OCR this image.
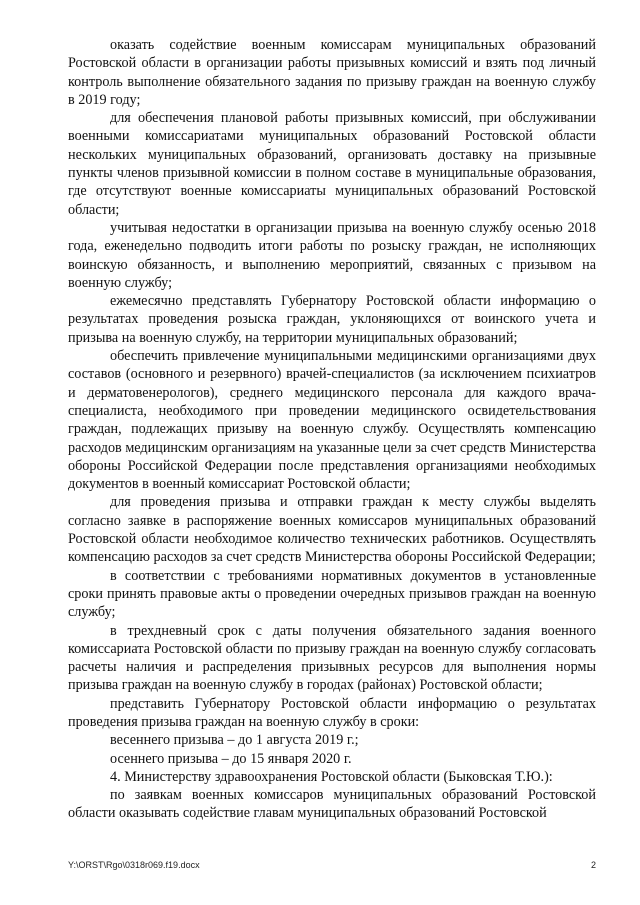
оказать содействие военным комиссарам муниципальных образований Ростовской области в организации работы призывных комиссий и взять под личный контроль выполнение обязательного задания по призыву граждан на военную службу в 2019 году;

для обеспечения плановой работы призывных комиссий, при обслуживании военными комиссариатами муниципальных образований Ростовской области нескольких муниципальных образований, организовать доставку на призывные пункты членов призывной комиссии в полном составе в муниципальные образования, где отсутствуют военные комиссариаты муниципальных образований Ростовской области;

учитывая недостатки в организации призыва на военную службу осенью 2018 года, еженедельно подводить итоги работы по розыску граждан, не исполняющих воинскую обязанность, и выполнению мероприятий, связанных с призывом на военную службу;

ежемесячно представлять Губернатору Ростовской области информацию о результатах проведения розыска граждан, уклоняющихся от воинского учета и призыва на военную службу, на территории муниципальных образований;

обеспечить привлечение муниципальными медицинскими организациями двух составов (основного и резервного) врачей-специалистов (за исключением психиатров и дерматовенерологов), среднего медицинского персонала для каждого врача-специалиста, необходимого при проведении медицинского освидетельствования граждан, подлежащих призыву на военную службу. Осуществлять компенсацию расходов медицинским организациям на указанные цели за счет средств Министерства обороны Российской Федерации после представления организациями необходимых документов в военный комиссариат Ростовской области;

для проведения призыва и отправки граждан к месту службы выделять согласно заявке в распоряжение военных комиссаров муниципальных образований Ростовской области необходимое количество технических работников. Осуществлять компенсацию расходов за счет средств Министерства обороны Российской Федерации;

в соответствии с требованиями нормативных документов в установленные сроки принять правовые акты о проведении очередных призывов граждан на военную службу;

в трехдневный срок с даты получения обязательного задания военного комиссариата Ростовской области по призыву граждан на военную службу согласовать расчеты наличия и распределения призывных ресурсов для выполнения нормы призыва граждан на военную службу в городах (районах) Ростовской области;

представить Губернатору Ростовской области информацию о результатах проведения призыва граждан на военную службу в сроки:

весеннего призыва – до 1 августа 2019 г.;

осеннего призыва – до 15 января 2020 г.

4. Министерству здравоохранения Ростовской области (Быковская Т.Ю.):

по заявкам военных комиссаров муниципальных образований Ростовской области оказывать содействие главам муниципальных образований Ростовской

Y:\ORST\Rgo\0318r069.f19.docx	2
